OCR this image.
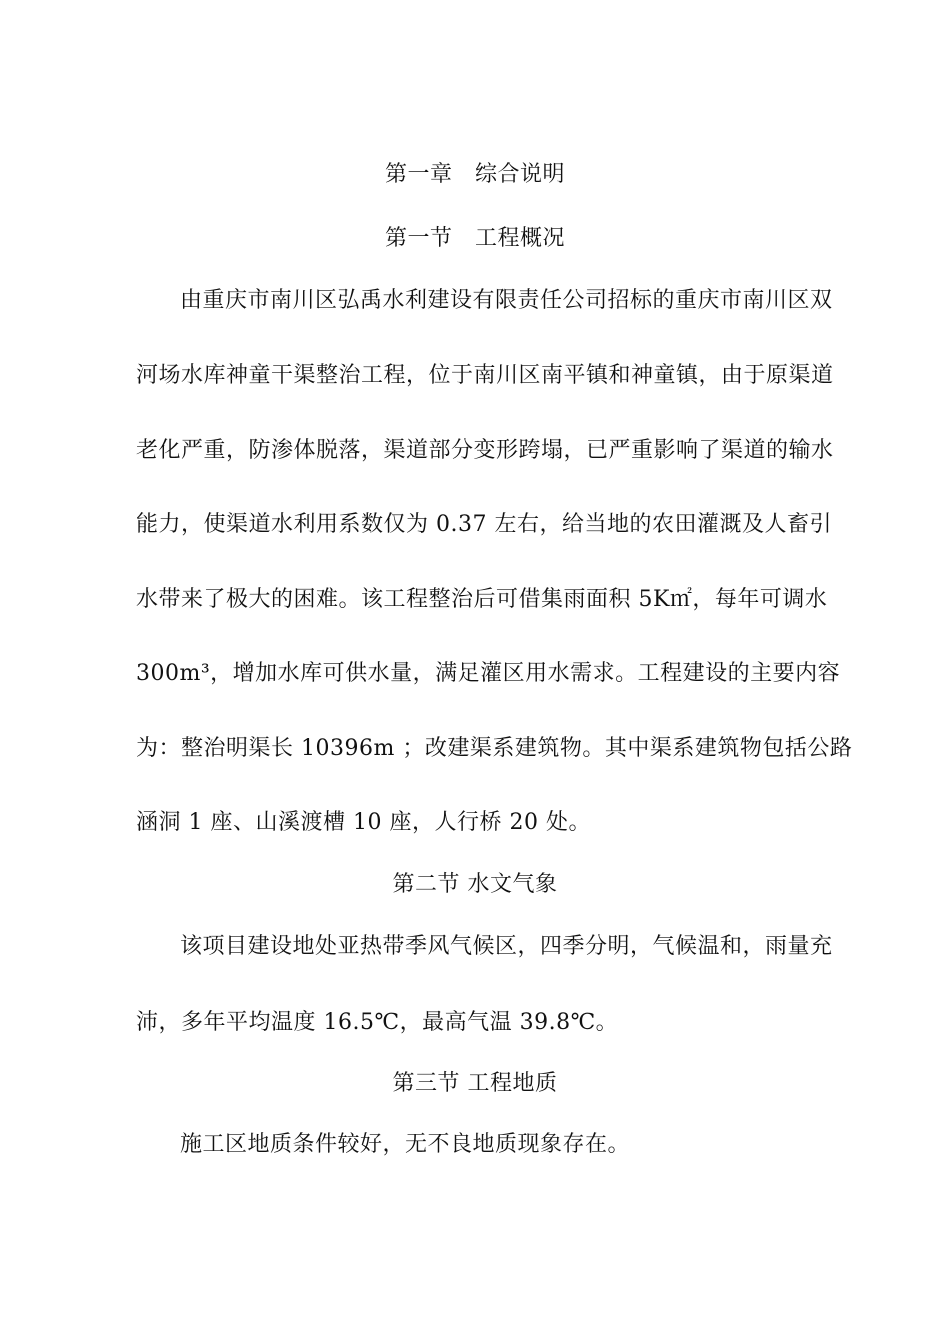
第一章　综合说明
第一节　工程概况
由重庆市南川区弘禹水利建设有限责任公司招标的重庆市南川区双
河场水库神童干渠整治工程，位于南川区南平镇和神童镇，由于原渠道
老化严重，防渗体脱落，渠道部分变形跨塌，已严重影响了渠道的输水
能力，使渠道水利用系数仅为 0.37 左右，给当地的农田灌溉及人畜引
水带来了极大的困难。该工程整治后可借集雨面积 5K㎡，每年可调水
300m³，增加水库可供水量，满足灌区用水需求。工程建设的主要内容
为：整治明渠长 10396m ；改建渠系建筑物。其中渠系建筑物包括公路
涵洞 1 座、山溪渡槽 10 座，人行桥 20 处。
第二节 水文气象
该项目建设地处亚热带季风气候区，四季分明，气候温和，雨量充
沛，多年平均温度 16.5℃，最高气温 39.8℃。
第三节 工程地质
施工区地质条件较好，无不良地质现象存在。
